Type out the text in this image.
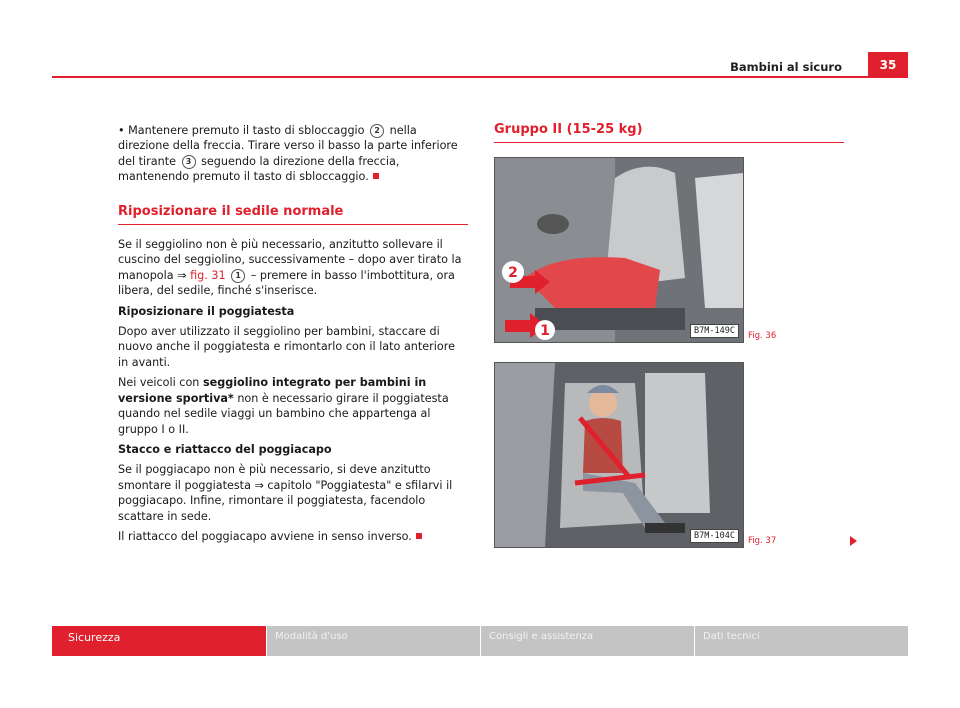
Bambini al sicuro	35

• Mantenere premuto il tasto di sbloccaggio 2 nella direzione della freccia. Tirare verso il basso la parte inferiore del tirante 3 seguendo la direzione della freccia, mantenendo premuto il tasto di sbloccaggio.

Riposizionare il sedile normale

Se il seggiolino non è più necessario, anzitutto sollevare il cuscino del seggiolino, successivamente – dopo aver tirato la manopola ⇒ fig. 31 1 – premere in basso l'imbottitura, ora libera, del sedile, finché s'inserisce.

Riposizionare il poggiatesta

Dopo aver utilizzato il seggiolino per bambini, staccare di nuovo anche il poggiatesta e rimontarlo con il lato anteriore in avanti.

Nei veicoli con seggiolino integrato per bambini in versione sportiva* non è necessario girare il poggiatesta quando nel sedile viaggi un bambino che appartenga al gruppo I o II.

Stacco e riattacco del poggiacapo

Se il poggiacapo non è più necessario, si deve anzitutto smontare il poggiatesta ⇒ capitolo "Poggiatesta" e sfilarvi il poggiacapo. Infine, rimontare il poggiatesta, facendolo scattare in sede.

Il riattacco del poggiacapo avviene in senso inverso.

Gruppo II (15-25 kg)

2
1	B7M-149C	Fig. 36
B7M-104C	Fig. 37
Sicurezza	Modalità d'uso	Consigli e assistenza	Dati tecnici
